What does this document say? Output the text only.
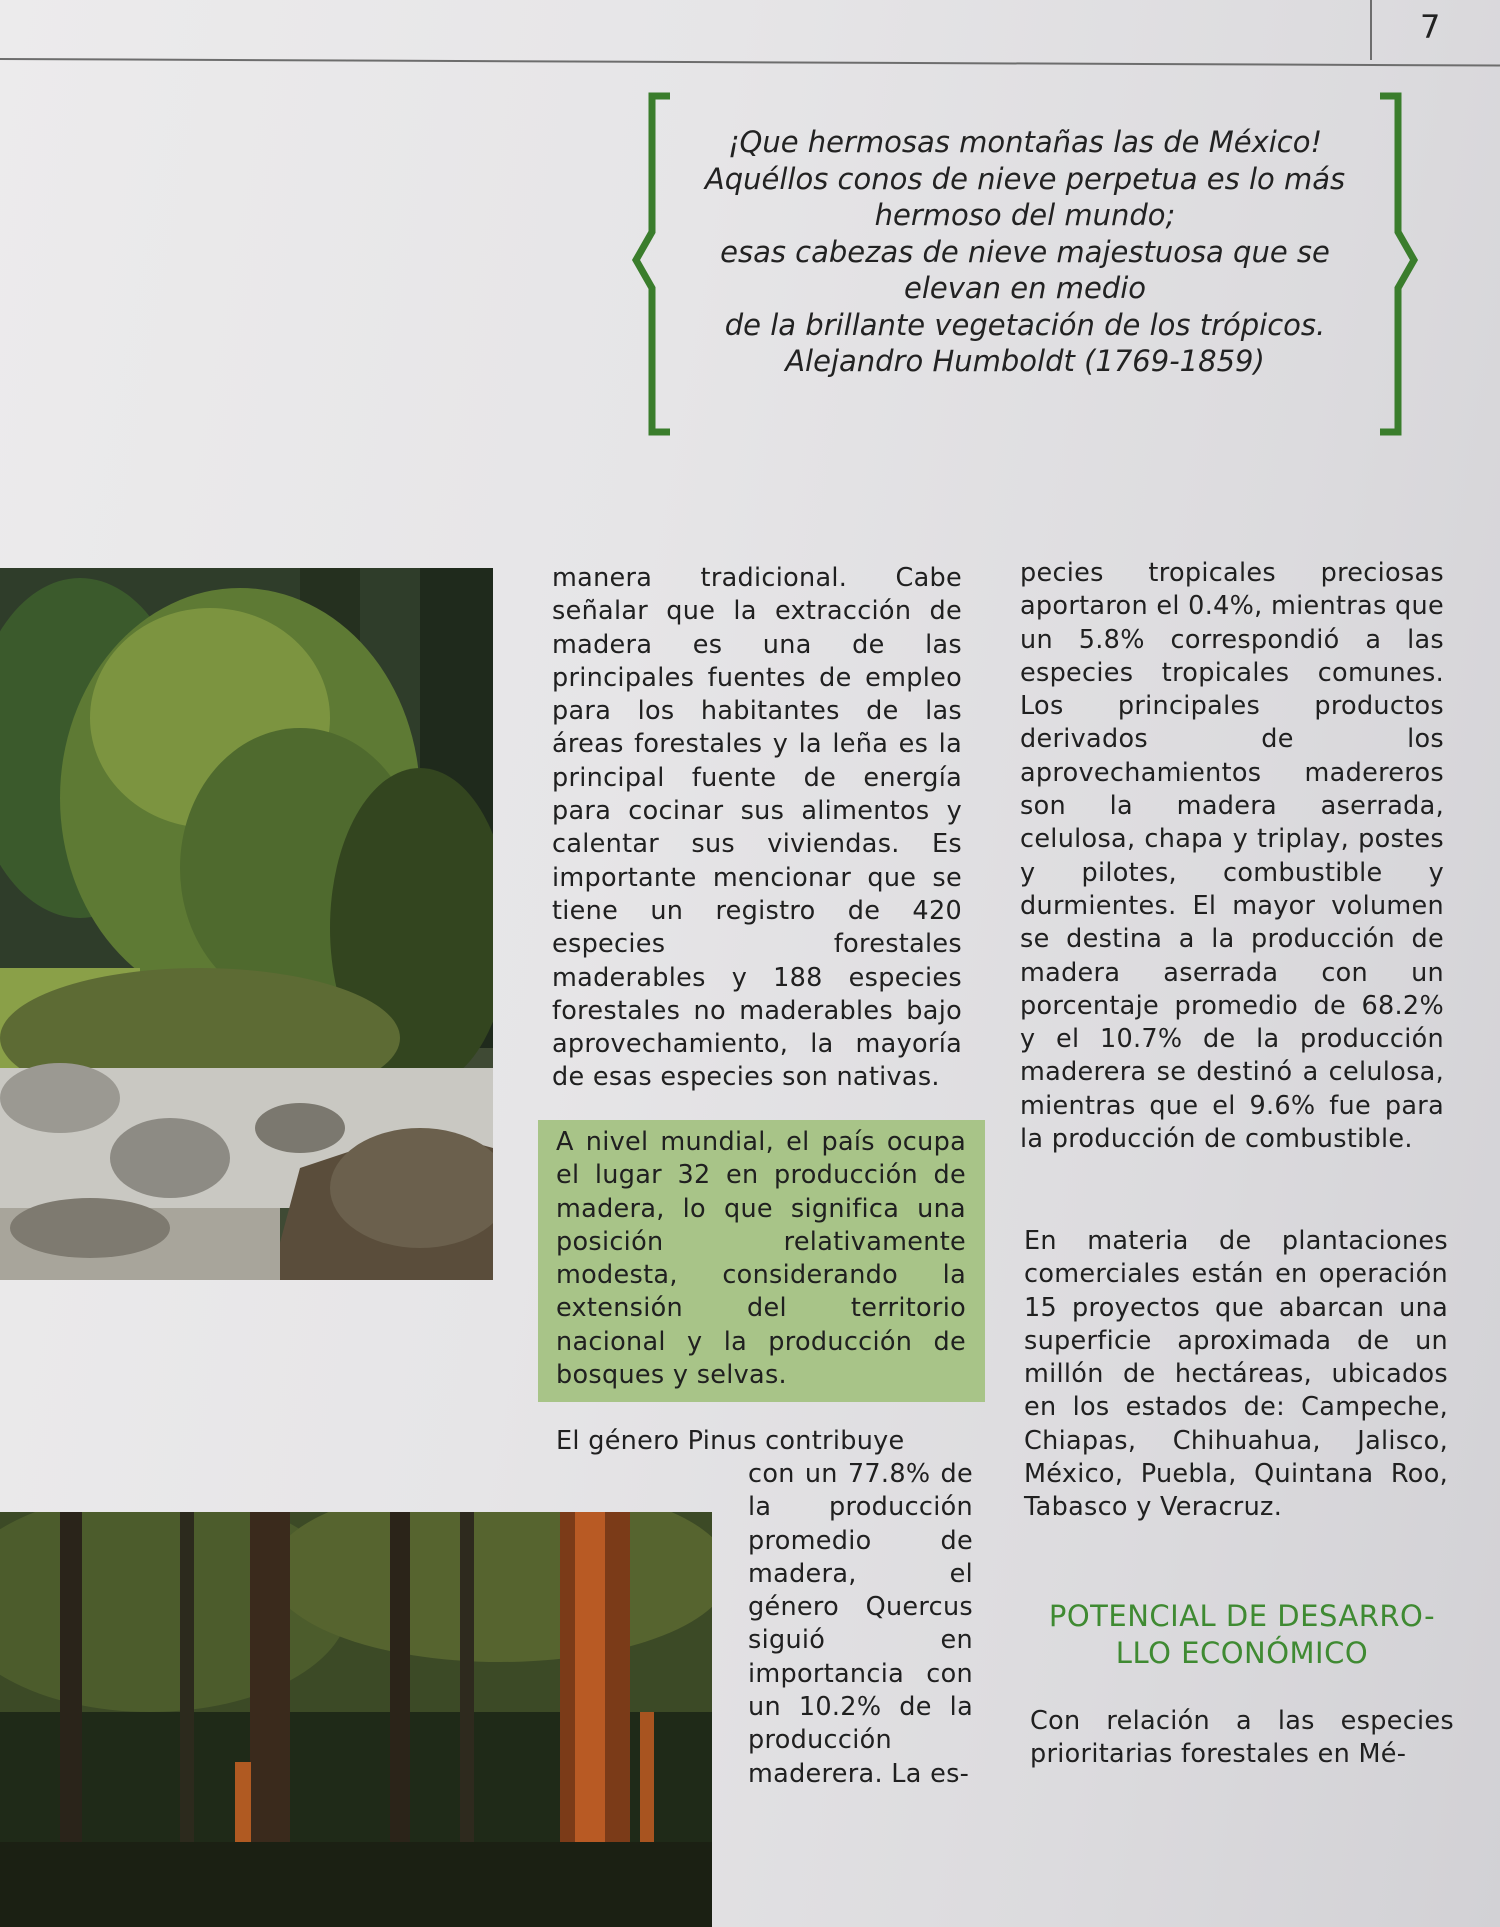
7
¡Que hermosas montañas las de México!
Aquéllos conos de nieve perpetua es lo más
hermoso del mundo;
esas cabezas de nieve majestuosa que se
elevan en medio
de la brillante vegetación de los trópicos.
Alejandro Humboldt (1769-1859)

manera tradicional. Cabe señalar que la extracción de madera es una de las principales fuentes de empleo para los habitantes de las áreas forestales y la leña es la principal fuente de energía para cocinar sus alimentos y calentar sus viviendas. Es importante mencionar que se tiene un registro de 420 especies forestales maderables y 188 especies forestales no maderables bajo aprovechamiento, la mayoría de esas especies son nativas.

A nivel mundial, el país ocupa el lugar 32 en producción de madera, lo que significa una posición relativamente modesta, considerando la extensión del territorio nacional y la producción de bosques y selvas.

El género Pinus contribuye

con un 77.8% de la producción promedio de madera, el género Quercus siguió en importancia con un 10.2% de la producción maderera. La es-

pecies tropicales preciosas aportaron el 0.4%, mientras que un 5.8% correspondió a las especies tropicales comunes. Los principales productos derivados de los aprovechamientos madereros son la madera aserrada, celulosa, chapa y triplay, postes y pilotes, combustible y durmientes. El mayor volumen se destina a la producción de madera aserrada con un porcentaje promedio de 68.2% y el 10.7% de la producción maderera se destinó a celulosa, mientras que el 9.6% fue para la producción de combustible.

En materia de plantaciones comerciales están en operación 15 proyectos que abarcan una superficie aproximada de un millón de hectáreas, ubicados en los estados de: Campeche, Chiapas, Chihuahua, Jalisco, México, Puebla, Quintana Roo, Tabasco y Veracruz.

POTENCIAL DE DESARRO-
LLO ECONÓMICO

Con relación a las especies prioritarias forestales en Mé-
